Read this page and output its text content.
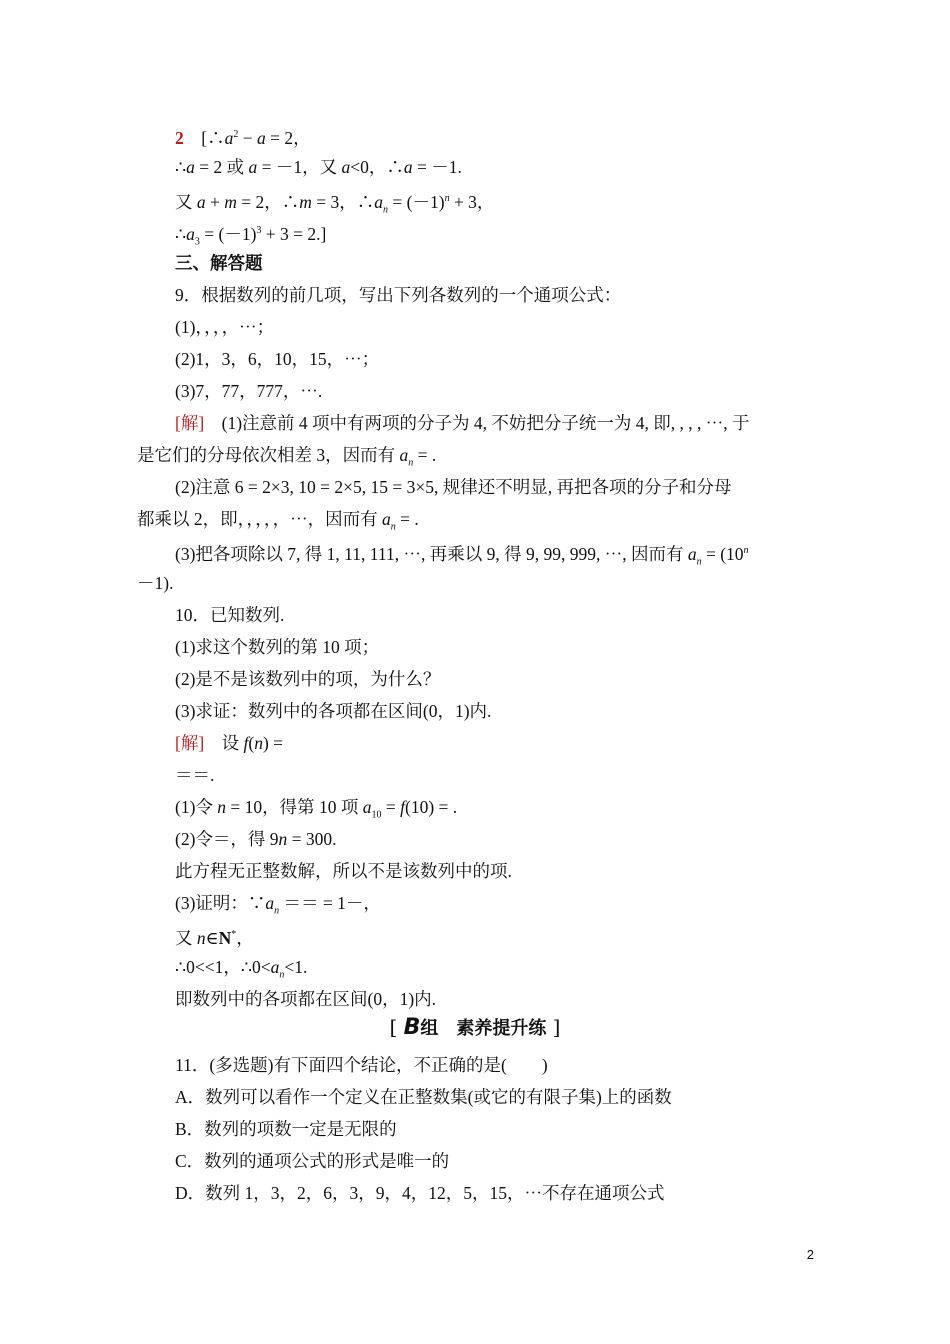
2　[$\therefore a^2 - a = 2$，
∴a = 2 或 a = －1，又 a<0，∴a = －1.
又 a + m = 2，∴m = 3，$\therefore a_n = (-1)^n + 3$，
$\therefore a_3 = (-1)^3 + 3 = 2$.]
三、解答题
9．根据数列的前几项，写出下列各数列的一个通项公式：
(1)，，，，⋯；
(2)1，3，6，10，15，⋯；
(3)7，77，777，⋯.
[解]　(1)注意前 4 项中有两项的分子为 4, 不妨把分子统一为 4, 即, , , , ⋯, 于
是它们的分母依次相差 3，因而有 $a_n$ = .
(2)注意 6 = 2×3, 10 = 2×5, 15 = 3×5, 规律还不明显, 再把各项的分子和分母
都乘以 2，即，，，，，⋯，因而有 $a_n$ = .
(3)把各项除以 7, 得 1, 11, 111, ⋯, 再乘以 9, 得 9, 99, 999, ⋯, 因而有 $a_n = (10^n$
－1).
10．已知数列.
(1)求这个数列的第 10 项；
(2)是不是该数列中的项，为什么？
(3)求证：数列中的各项都在区间(0，1)内.
[解]　设 f(n) =
＝＝.
(1)令 n = 10，得第 10 项 $a_{10} = f(10)$ = .
(2)令＝，得 9n = 300.
此方程无正整数解，所以不是该数列中的项.
(3)证明：$\because a_n$ ＝＝ = 1－，
又 n∈N*，
∴0<<1，$\therefore 0<a_n<1$.
即数列中的各项都在区间(0，1)内.
11．(多选题)有下面四个结论，不正确的是(　　)
A．数列可以看作一个定义在正整数集(或它的有限子集)上的函数
B．数列的项数一定是无限的
C．数列的通项公式的形式是唯一的
D．数列 1，3，2，6，3，9，4，12，5，15，⋯不存在通项公式
[ B组　素养提升练 ]
2
